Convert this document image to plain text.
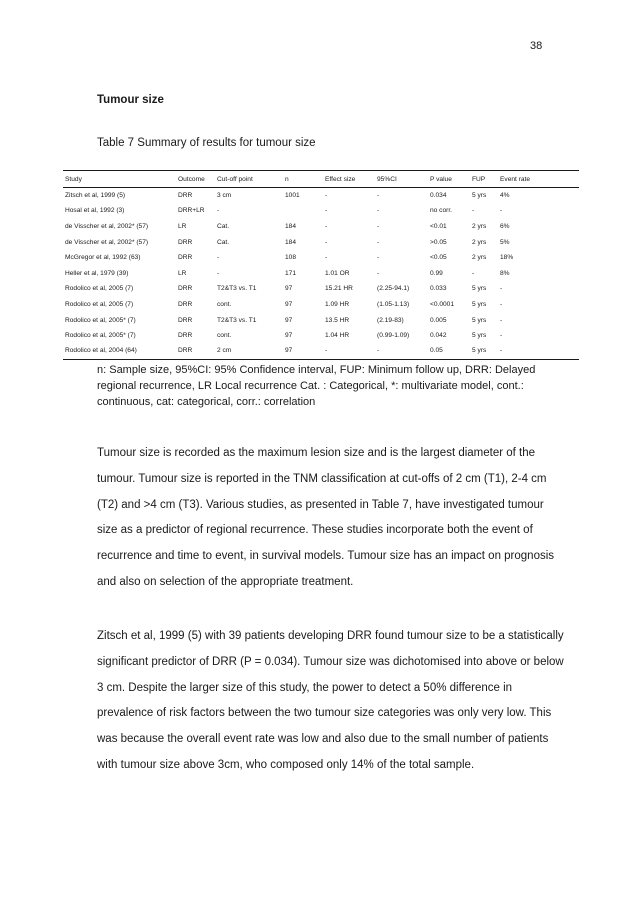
38
Tumour size
Table 7 Summary of results for tumour size
Study	Outcome	Cut-off point	n	Effect size	95%CI	P value	FUP	Event rate
Zitsch et al, 1999 (5)	DRR	3 cm	1001	-	-	0.034	5 yrs	4%
Hosal et al, 1992 (3)	DRR+LR	-		-	-	no corr.	-	-
de Visscher et al, 2002* (57)	LR	Cat.	184	-	-	<0.01	2 yrs	6%
de Visscher et al, 2002* (57)	DRR	Cat.	184	-	-	>0.05	2 yrs	5%
McGregor et al, 1992 (63)	DRR	-	108	-	-	<0.05	2 yrs	18%
Heller et al, 1979 (39)	LR	-	171	1.01 OR	-	0.99	-	8%
Rodolico et al, 2005 (7)	DRR	T2&T3 vs. T1	97	15.21 HR	(2.25-94.1)	0.033	5 yrs	-
Rodolico et al, 2005 (7)	DRR	cont.	97	1.09 HR	(1.05-1.13)	<0.0001	5 yrs	-
Rodolico et al, 2005* (7)	DRR	T2&T3 vs. T1	97	13.5 HR	(2.19-83)	0.005	5 yrs	-
Rodolico et al, 2005* (7)	DRR	cont.	97	1.04 HR	(0.99-1.09)	0.042	5 yrs	-
Rodolico et al, 2004 (64)	DRR	2 cm	97	-	-	0.05	5 yrs	-
n: Sample size, 95%CI: 95% Confidence interval, FUP: Minimum follow up, DRR: Delayed regional recurrence, LR Local recurrence Cat. : Categorical, *: multivariate model, cont.: continuous, cat: categorical, corr.: correlation

Tumour size is recorded as the maximum lesion size and is the largest diameter of the tumour. Tumour size is reported in the TNM classification at cut-offs of 2 cm (T1), 2-4 cm (T2) and >4 cm (T3). Various studies, as presented in Table 7, have investigated tumour size as a predictor of regional recurrence. These studies incorporate both the event of recurrence and time to event, in survival models. Tumour size has an impact on prognosis and also on selection of the appropriate treatment.

Zitsch et al, 1999 (5) with 39 patients developing DRR found tumour size to be a statistically significant predictor of DRR (P = 0.034). Tumour size was dichotomised into above or below 3 cm. Despite the larger size of this study, the power to detect a 50% difference in prevalence of risk factors between the two tumour size categories was only very low. This was because the overall event rate was low and also due to the small number of patients with tumour size above 3cm, who composed only 14% of the total sample.
